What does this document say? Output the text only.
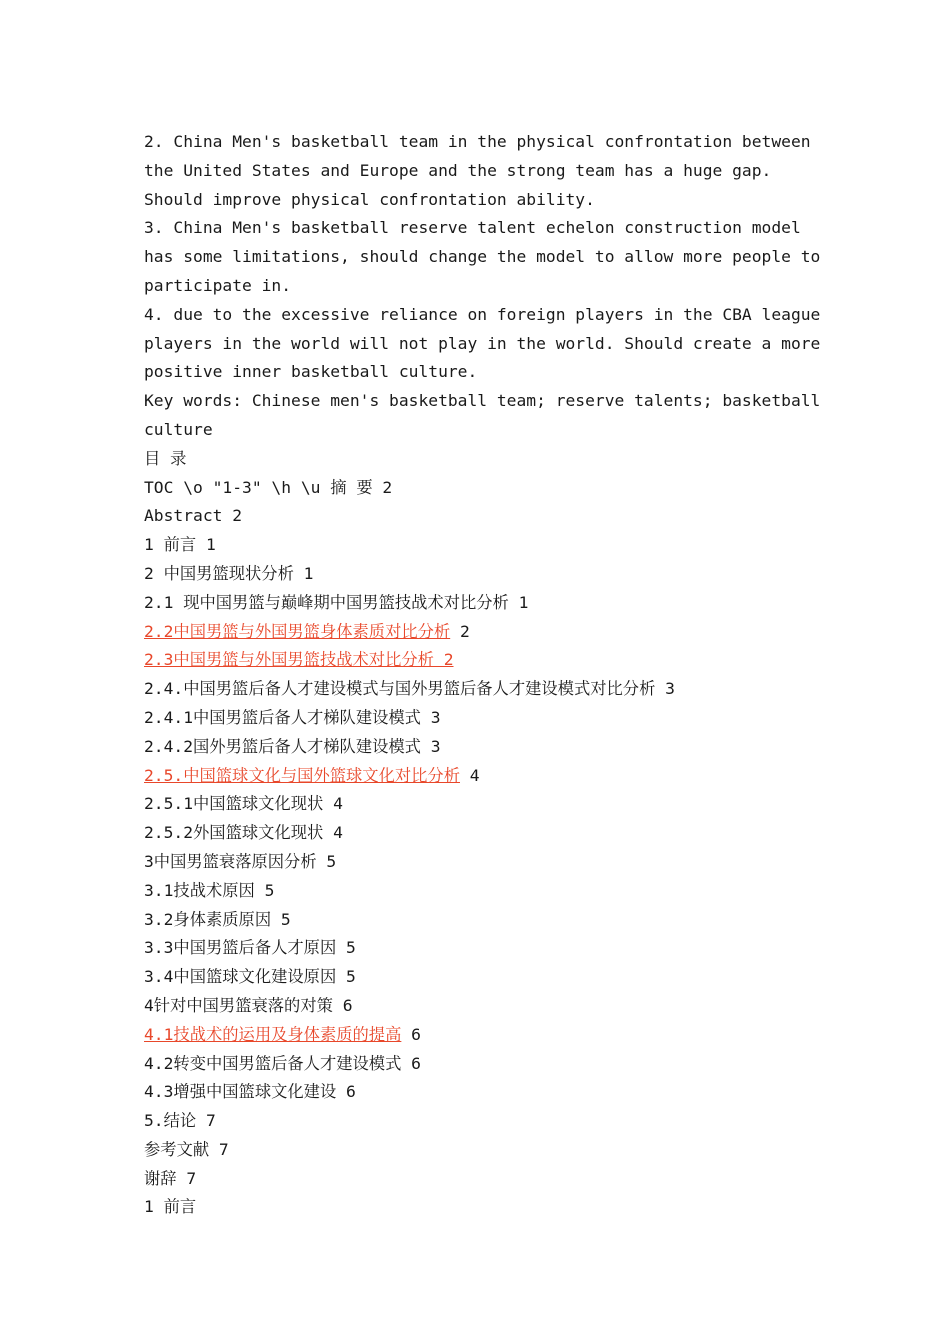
2. China Men's basketball team in the physical confrontation between
the United States and Europe and the strong team has a huge gap.
Should improve physical confrontation ability.
3. China Men's basketball reserve talent echelon construction model
has some limitations, should change the model to allow more people to
participate in.
4. due to the excessive reliance on foreign players in the CBA league
players in the world will not play in the world. Should create a more
positive inner basketball culture.
Key words: Chinese men's basketball team; reserve talents; basketball
culture
目 录
TOC \o "1-3" \h \u 摘 要 2
Abstract 2
1 前言 1
2 中国男篮现状分析 1
2.1 现中国男篮与巅峰期中国男篮技战术对比分析 1
2.2中国男篮与外国男篮身体素质对比分析 2
2.3中国男篮与外国男篮技战术对比分析 2
2.4.中国男篮后备人才建设模式与国外男篮后备人才建设模式对比分析 3
2.4.1中国男篮后备人才梯队建设模式 3
2.4.2国外男篮后备人才梯队建设模式 3
2.5.中国篮球文化与国外篮球文化对比分析 4
2.5.1中国篮球文化现状 4
2.5.2外国篮球文化现状 4
3中国男篮衰落原因分析 5
3.1技战术原因 5
3.2身体素质原因 5
3.3中国男篮后备人才原因 5
3.4中国篮球文化建设原因 5
4针对中国男篮衰落的对策 6
4.1技战术的运用及身体素质的提高 6
4.2转变中国男篮后备人才建设模式 6
4.3增强中国篮球文化建设 6
5.结论 7
参考文献 7
谢辞 7
1 前言
